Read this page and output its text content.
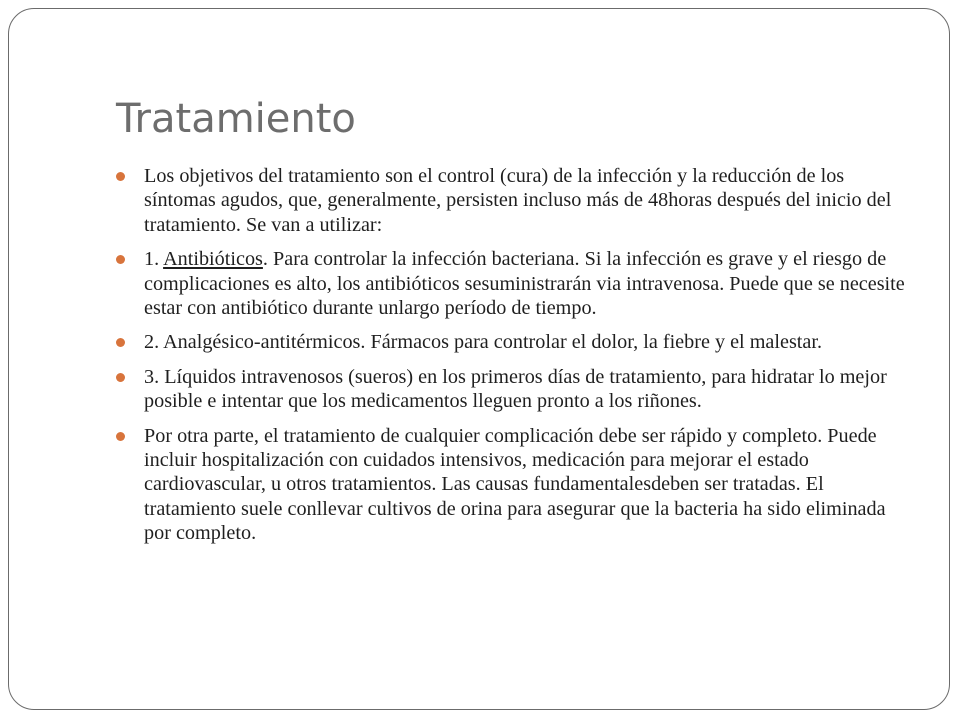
Tratamiento
Los objetivos del tratamiento son el control (cura) de la infección y la reducción de los síntomas agudos, que, generalmente, persisten incluso más de 48horas después del inicio del tratamiento. Se van a utilizar:
1. Antibióticos. Para controlar la infección bacteriana. Si la infección es grave y el riesgo de complicaciones es alto, los antibióticos sesuministrarán via intravenosa. Puede que se necesite estar con antibiótico durante unlargo período de tiempo.
2. Analgésico-antitérmicos. Fármacos para controlar el dolor, la fiebre y el malestar.
3. Líquidos intravenosos (sueros) en los primeros días de tratamiento, para hidratar lo mejor posible e intentar que los medicamentos lleguen pronto a los riñones.
Por otra parte, el tratamiento de cualquier complicación debe ser rápido y completo. Puede incluir hospitalización con cuidados intensivos, medicación para mejorar el estado cardiovascular, u otros tratamientos. Las causas fundamentalesdeben ser tratadas. El tratamiento suele conllevar cultivos de orina para asegurar que la bacteria ha sido eliminada por completo.
